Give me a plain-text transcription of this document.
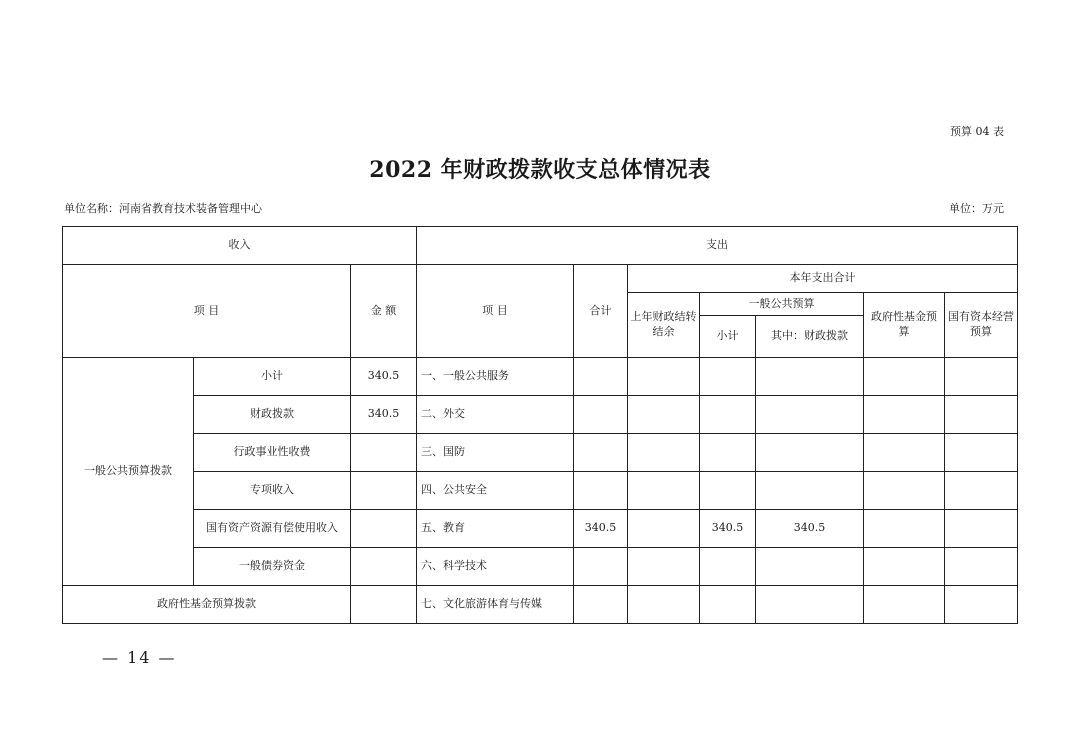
预算 04 表
2022 年财政拨款收支总体情况表
单位名称：河南省教育技术装备管理中心	单位：万元
收入			支出						
项 目		金 额	项 目	合计	本年支出合计				
					上年财政结转结余	一般公共预算		政府性基金预算	国有资本经营预算
						小计	其中：财政拨款		
一般公共预算拨款	小计	340.5	一、一般公共服务						
	财政拨款	340.5	二、外交						
	行政事业性收费		三、国防						
	专项收入		四、公共安全						
	国有资产资源有偿使用收入		五、教育	340.5		340.5	340.5		
	一般债券资金		六、科学技术						
政府性基金预算拨款			七、文化旅游体育与传媒						
— 14 —
